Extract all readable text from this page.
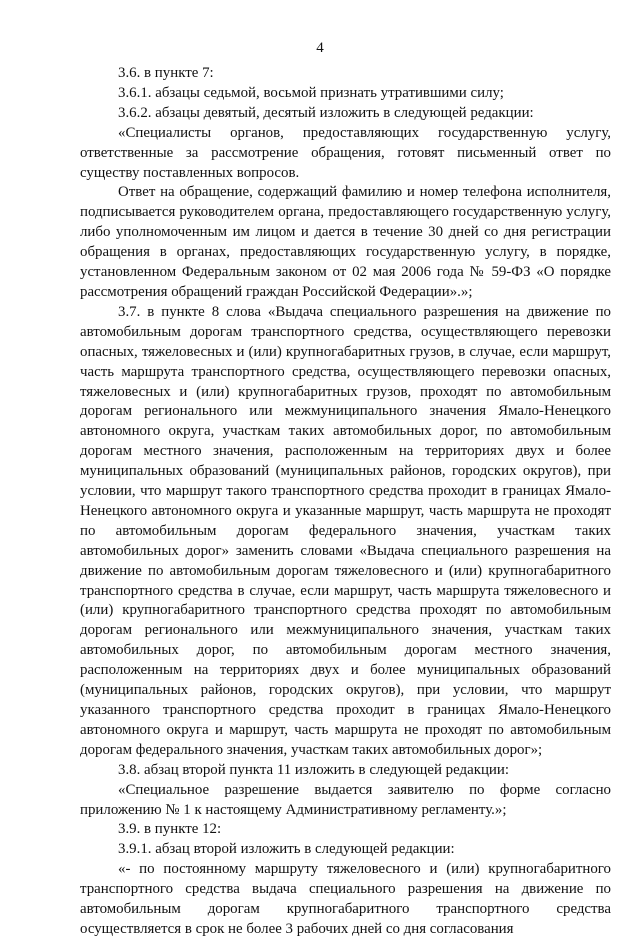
4

3.6. в пункте 7:

3.6.1. абзацы седьмой, восьмой признать утратившими силу;

3.6.2. абзацы девятый, десятый изложить в следующей редакции:

«Специалисты органов, предоставляющих государственную услугу, ответственные за рассмотрение обращения, готовят письменный ответ по существу поставленных вопросов.

Ответ на обращение, содержащий фамилию и номер телефона исполнителя, подписывается руководителем органа, предоставляющего государственную услугу, либо уполномоченным им лицом и дается в течение 30 дней со дня регистрации обращения в органах, предоставляющих государственную услугу, в порядке, установленном Федеральным законом от 02 мая 2006 года № 59-ФЗ «О порядке рассмотрения обращений граждан Российской Федерации».»;

3.7. в пункте 8 слова «Выдача специального разрешения на движение по автомобильным дорогам транспортного средства, осуществляющего перевозки опасных, тяжеловесных и (или) крупногабаритных грузов, в случае, если маршрут, часть маршрута транспортного средства, осуществляющего перевозки опасных, тяжеловесных и (или) крупногабаритных грузов, проходят по автомобильным дорогам регионального или межмуниципального значения Ямало-Ненецкого автономного округа, участкам таких автомобильных дорог, по автомобильным дорогам местного значения, расположенным на территориях двух и более муниципальных образований (муниципальных районов, городских округов), при условии, что маршрут такого транспортного средства проходит в границах Ямало-Ненецкого автономного округа и указанные маршрут, часть маршрута не проходят по автомобильным дорогам федерального значения, участкам таких автомобильных дорог» заменить словами «Выдача специального разрешения на движение по автомобильным дорогам тяжеловесного и (или) крупногабаритного транспортного средства в случае, если маршрут, часть маршрута тяжеловесного и (или) крупногабаритного транспортного средства проходят по автомобильным дорогам регионального или межмуниципального значения, участкам таких автомобильных дорог, по автомобильным дорогам местного значения, расположенным на территориях двух и более муниципальных образований (муниципальных районов, городских округов), при условии, что маршрут указанного транспортного средства проходит в границах Ямало-Ненецкого автономного округа и маршрут, часть маршрута не проходят по автомобильным дорогам федерального значения, участкам таких автомобильных дорог»;

3.8. абзац второй пункта 11 изложить в следующей редакции:

«Специальное разрешение выдается заявителю по форме согласно приложению № 1 к настоящему Административному регламенту.»;

3.9. в пункте 12:

3.9.1. абзац второй изложить в следующей редакции:

«- по постоянному маршруту тяжеловесного и (или) крупногабаритного транспортного средства выдача специального разрешения на движение по автомобильным дорогам крупногабаритного транспортного средства осуществляется в срок не более 3 рабочих дней со дня согласования
